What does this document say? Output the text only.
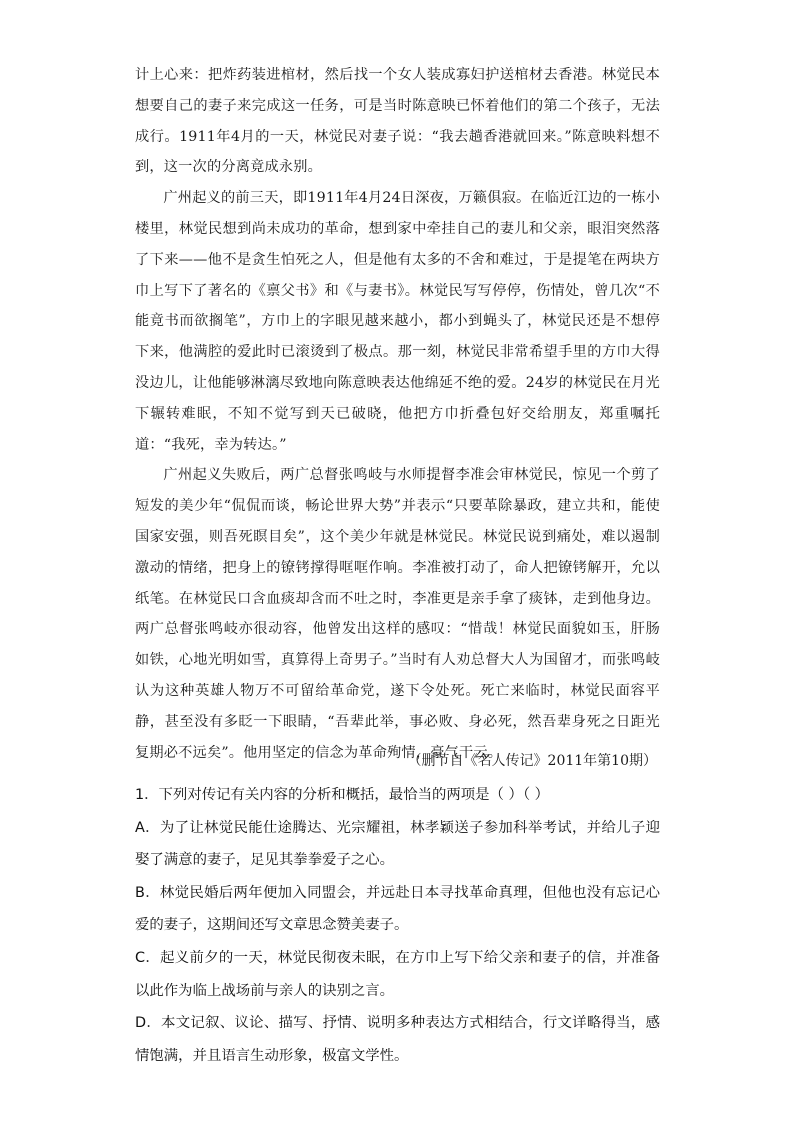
计上心来：把炸药装进棺材，然后找一个女人装成寡妇护送棺材去香港。林觉民本想要自己的妻子来完成这一任务，可是当时陈意映已怀着他们的第二个孩子，无法成行。1911年4月的一天，林觉民对妻子说：“我去趟香港就回来。”陈意映料想不到，这一次的分离竟成永别。

广州起义的前三天，即1911年4月24日深夜，万籁俱寂。在临近江边的一栋小楼里，林觉民想到尚未成功的革命，想到家中牵挂自己的妻儿和父亲，眼泪突然落了下来——他不是贪生怕死之人，但是他有太多的不舍和难过，于是提笔在两块方巾上写下了著名的《禀父书》和《与妻书》。林觉民写写停停，伤情处，曾几次“不能竟书而欲搁笔”，方巾上的字眼见越来越小，都小到蝇头了，林觉民还是不想停下来，他满腔的爱此时已滚烫到了极点。那一刻，林觉民非常希望手里的方巾大得没边儿，让他能够淋漓尽致地向陈意映表达他绵延不绝的爱。24岁的林觉民在月光下辗转难眠，不知不觉写到天已破晓，他把方巾折叠包好交给朋友，郑重嘱托道：“我死，幸为转达。”

广州起义失败后，两广总督张鸣岐与水师提督李准会审林觉民，惊见一个剪了短发的美少年“侃侃而谈，畅论世界大势”并表示“只要革除暴政，建立共和，能使国家安强，则吾死瞑目矣”，这个美少年就是林觉民。林觉民说到痛处，难以遏制激动的情绪，把身上的镣铐撑得哐哐作响。李准被打动了，命人把镣铐解开，允以纸笔。在林觉民口含血痰却含而不吐之时，李准更是亲手拿了痰钵，走到他身边。两广总督张鸣岐亦很动容，他曾发出这样的感叹：“惜哉！林觉民面貌如玉，肝肠如铁，心地光明如雪，真算得上奇男子。”当时有人劝总督大人为国留才，而张鸣岐认为这种英雄人物万不可留给革命党，遂下令处死。死亡来临时，林觉民面容平静，甚至没有多眨一下眼睛，“吾辈此举，事必败、身必死，然吾辈身死之日距光复期必不远矣”。他用坚定的信念为革命殉情，豪气干云。

（删节自《名人传记》2011年第10期）

1．下列对传记有关内容的分析和概括，最恰当的两项是（ ）（ ）

A．为了让林觉民能仕途腾达、光宗耀祖，林孝颖送子参加科举考试，并给儿子迎娶了满意的妻子，足见其拳拳爱子之心。

B．林觉民婚后两年便加入同盟会，并远赴日本寻找革命真理，但他也没有忘记心爱的妻子，这期间还写文章思念赞美妻子。

C．起义前夕的一天，林觉民彻夜未眠，在方巾上写下给父亲和妻子的信，并准备以此作为临上战场前与亲人的诀别之言。

D．本文记叙、议论、描写、抒情、说明多种表达方式相结合，行文详略得当，感情饱满，并且语言生动形象，极富文学性。
